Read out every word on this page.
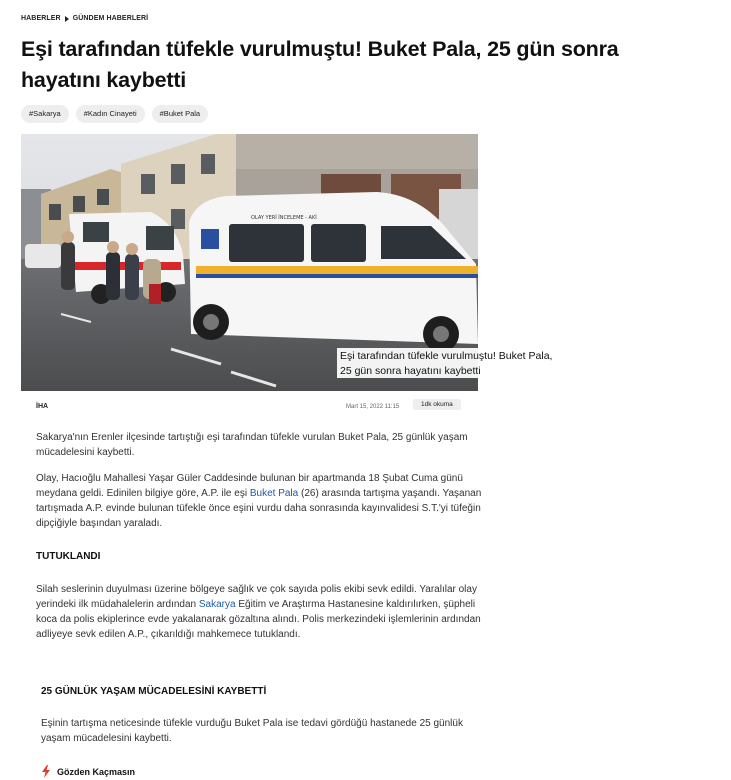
HABERLER GÜNDEM HABERLERİ
Eşi tarafından tüfekle vurulmuştu! Buket Pala, 25 gün sonra hayatını kaybetti
#Sakarya	#Kadın Cinayeti	#Buket Pala
OLAY YERİ İNCELEME - AKİ
Eşi tarafından tüfekle vurulmuştu! Buket Pala,
25 gün sonra hayatını kaybetti
İHA	Mart 15, 2022 11:15	1dk okuma
Sakarya'nın Erenler ilçesinde tartıştığı eşi tarafından tüfekle vurulan Buket Pala, 25 günlük yaşam mücadelesini kaybetti.
Olay, Hacıoğlu Mahallesi Yaşar Güler Caddesinde bulunan bir apartmanda 18 Şubat Cuma günü meydana geldi. Edinilen bilgiye göre, A.P. ile eşi Buket Pala (26) arasında tartışma yaşandı. Yaşanan tartışmada A.P. evinde bulunan tüfekle önce eşini vurdu daha sonrasında kayınvalidesi S.T.'yi tüfeğin dipçiğiyle başından yaraladı.
TUTUKLANDI
Silah seslerinin duyulması üzerine bölgeye sağlık ve çok sayıda polis ekibi sevk edildi. Yaralılar olay yerindeki ilk müdahalelerin ardından Sakarya Eğitim ve Araştırma Hastanesine kaldırılırken, şüpheli koca da polis ekiplerince evde yakalanarak gözaltına alındı. Polis merkezindeki işlemlerinin ardından adliyeye sevk edilen A.P., çıkarıldığı mahkemece tutuklandı.
25 GÜNLÜK YAŞAM MÜCADELESİNİ KAYBETTİ
Eşinin tartışma neticesinde tüfekle vurduğu Buket Pala ise tedavi gördüğü hastanede 25 günlük yaşam mücadelesini kaybetti.
Gözden Kaçmasın
